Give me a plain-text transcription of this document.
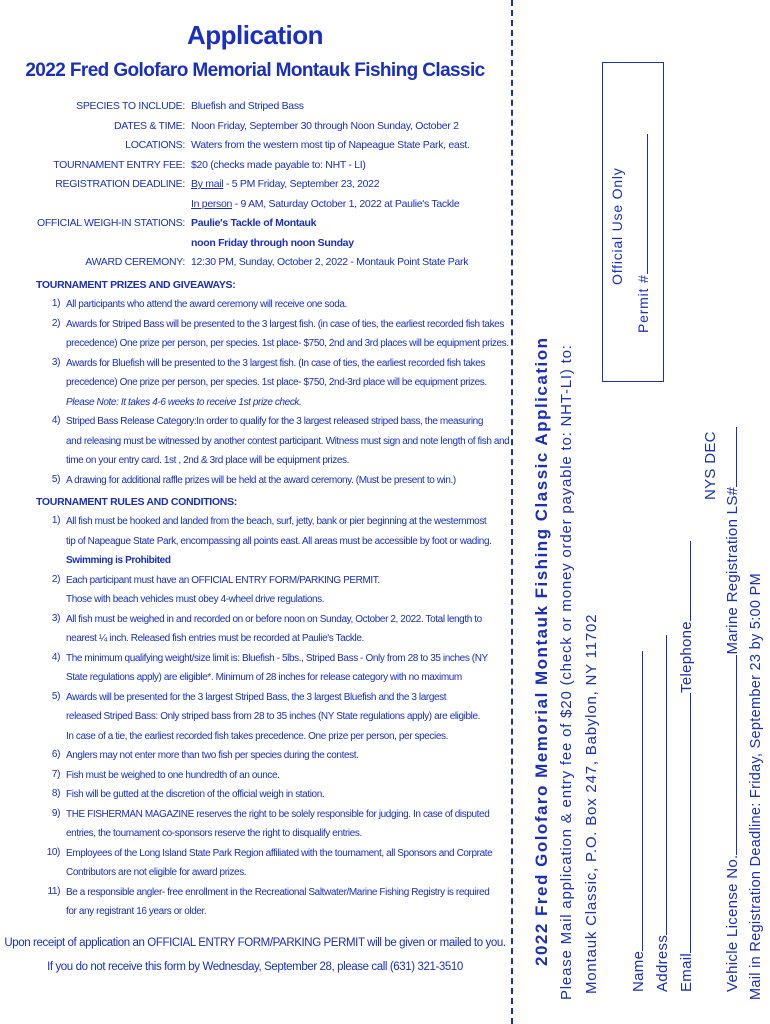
Application
2022 Fred Golofaro Memorial Montauk Fishing Classic
SPECIES TO INCLUDE: Bluefish and Striped Bass
DATES & TIME: Noon Friday, September 30 through Noon Sunday, October 2
LOCATIONS: Waters from the western most tip of Napeague State Park, east.
TOURNAMENT ENTRY FEE: $20 (checks made payable to: NHT - LI)
REGISTRATION DEADLINE: By mail - 5 PM Friday, September 23, 2022
In person - 9 AM, Saturday October 1, 2022 at Paulie's Tackle
OFFICIAL WEIGH-IN STATIONS: Paulie's Tackle of Montauk
noon Friday through noon Sunday
AWARD CEREMONY: 12:30 PM, Sunday, October 2, 2022 - Montauk Point State Park
TOURNAMENT PRIZES AND GIVEAWAYS:
1) All participants who attend the award ceremony will receive one soda.
2) Awards for Striped Bass will be presented to the 3 largest fish. (in case of ties, the earliest recorded fish takes
precedence) One prize per person, per species. 1st place- $750, 2nd and 3rd places will be equipment prizes.
3) Awards for Bluefish will be presented to the 3 largest fish. (In case of ties, the earliest recorded fish takes
precedence) One prize per person, per species. 1st place- $750, 2nd-3rd place will be equipment prizes.
Please Note: It takes 4-6 weeks to receive 1st prize check.
4) Striped Bass Release Category:In order to qualify for the 3 largest released striped bass, the measuring
and releasing must be witnessed by another contest participant. Witness must sign and note length of fish and
time on your entry card. 1st , 2nd & 3rd place will be equipment prizes.
5) A drawing for additional raffle prizes will be held at the award ceremony. (Must be present to win.)
TOURNAMENT RULES AND CONDITIONS:
1) All fish must be hooked and landed from the beach, surf, jetty, bank or pier beginning at the westernmost
tip of Napeague State Park, encompassing all points east. All areas must be accessible by foot or wading.
Swimming is Prohibited
2) Each participant must have an OFFICIAL ENTRY FORM/PARKING PERMIT.
Those with beach vehicles must obey 4-wheel drive regulations.
3) All fish must be weighed in and recorded on or before noon on Sunday, October 2, 2022. Total length to
nearest ¼ inch. Released fish entries must be recorded at Paulie's Tackle.
4) The minimum qualifying weight/size limit is: Bluefish - 5lbs., Striped Bass - Only from 28 to 35 inches (NY
State regulations apply) are eligible*. Minimum of 28 inches for release category with no maximum
5) Awards will be presented for the 3 largest Striped Bass, the 3 largest Bluefish and the 3 largest
released Striped Bass: Only striped bass from 28 to 35 inches (NY State regulations apply) are eligible.
In case of a tie, the earliest recorded fish takes precedence. One prize per person, per species.
6) Anglers may not enter more than two fish per species during the contest.
7) Fish must be weighed to one hundredth of an ounce.
8) Fish will be gutted at the discretion of the official weigh in station.
9) THE FISHERMAN MAGAZINE reserves the right to be solely responsible for judging. In case of disputed
entries, the tournament co-sponsors reserve the right to disqualify entries.
10) Employees of the Long Island State Park Region affiliated with the tournament, all Sponsors and Corprate
Contributors are not eligible for award prizes.
11) Be a responsible angler- free enrollment in the Recreational Saltwater/Marine Fishing Registry is required
for any registrant 16 years or older.
Upon receipt of application an OFFICIAL ENTRY FORM/PARKING PERMIT will be given or mailed to you.
If you do not receive this form by Wednesday, September 28, please call (631) 321-3510
2022 Fred Golofaro Memorial Montauk Fishing Classic Application Please Mail application & entry fee of $20 (check or money order payable to: NHT-LI) to: Montauk Classic, P.O. Box 247, Babylon, NY 11702 Name Address EmailTelephone
NYS DEC
Vehicle License No.Marine Registration LS#
Mail in Registration Deadline: Friday, September 23 by 5:00 PM
Official Use Only
Permit #
